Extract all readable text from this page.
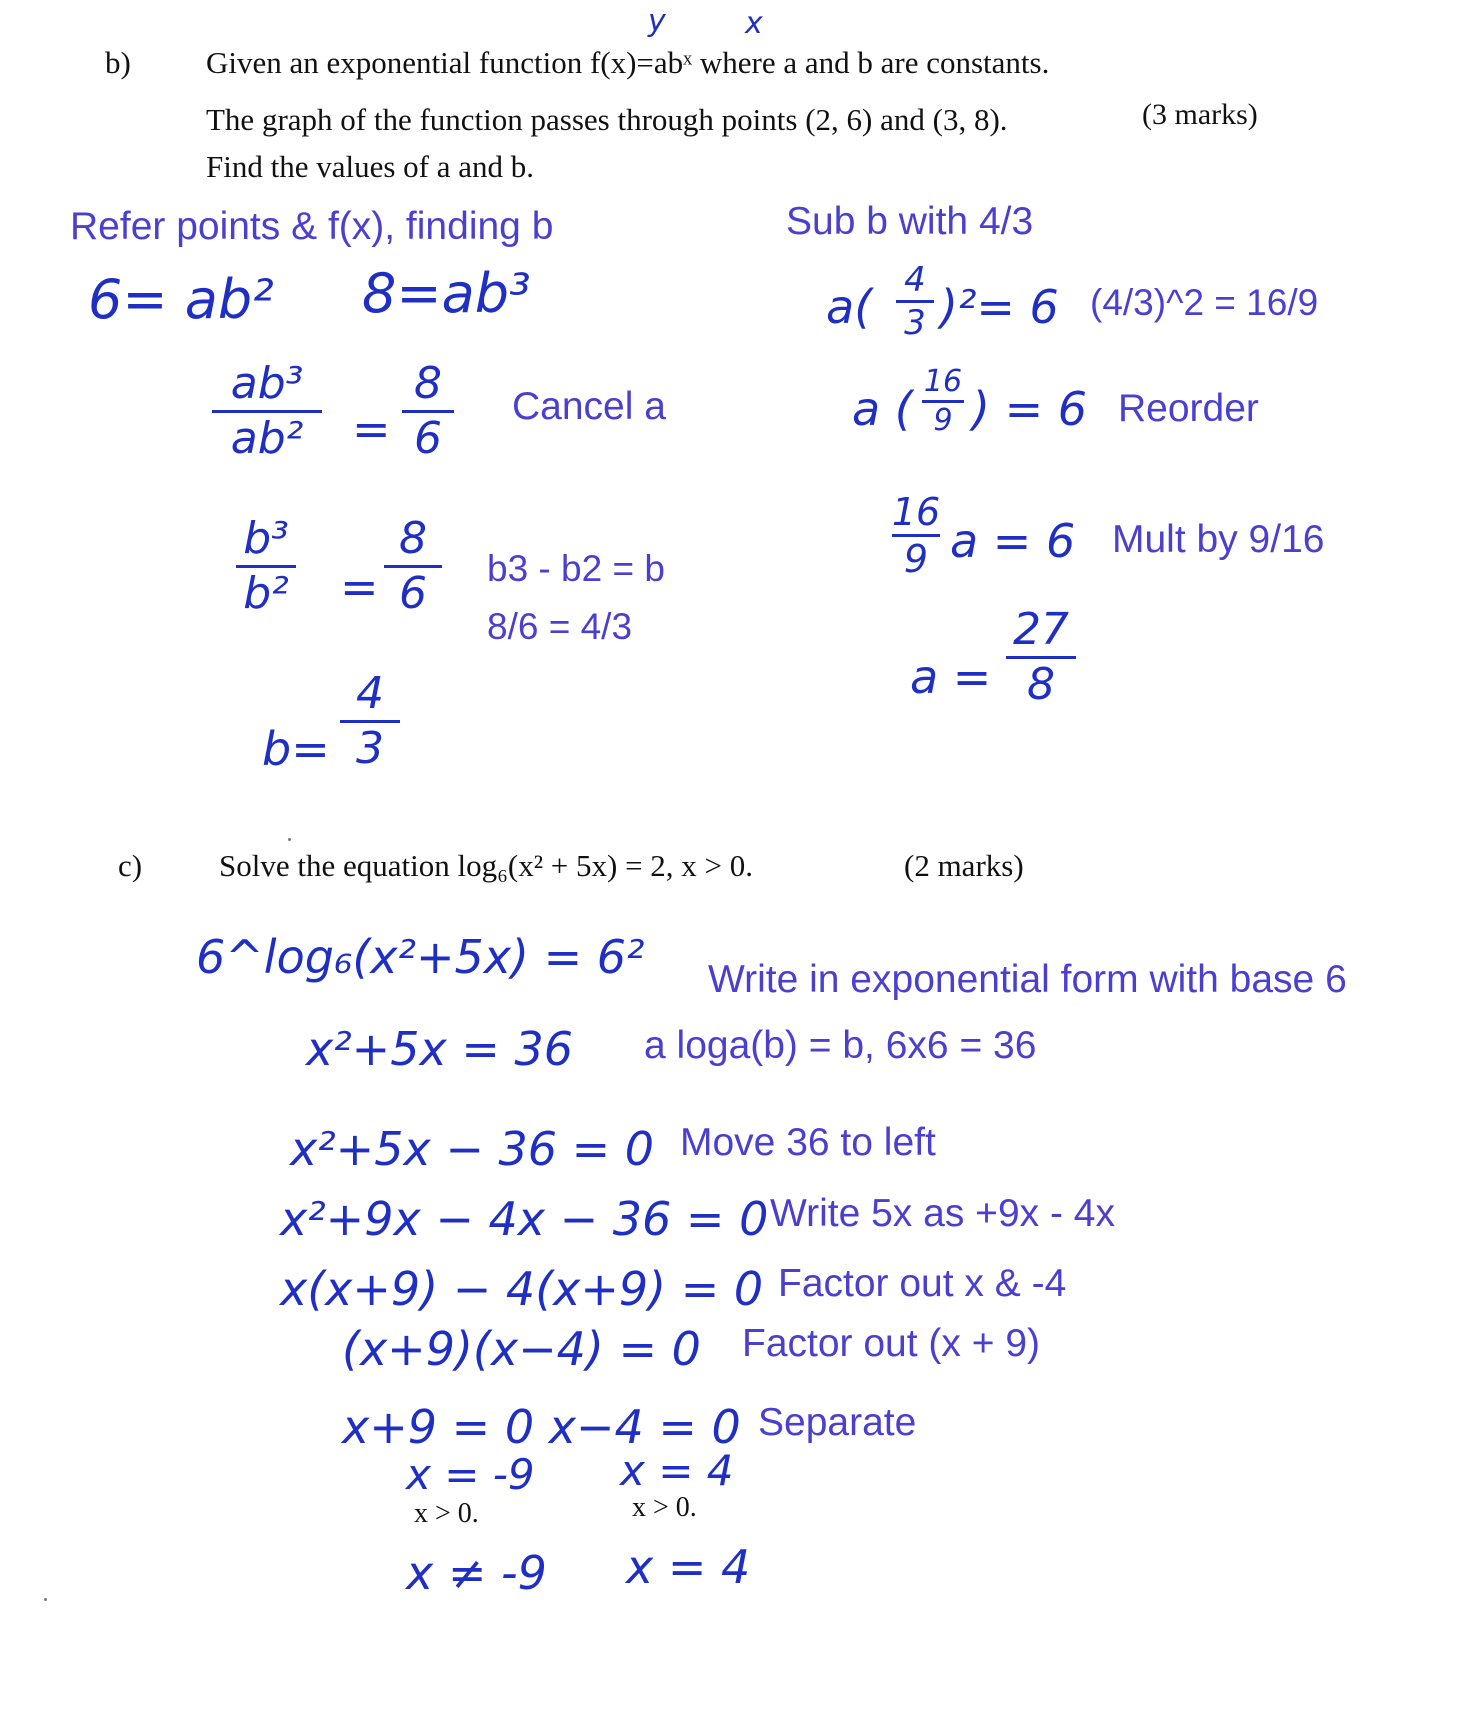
b)
y	x
Given an exponential function f(x)=abˣ where a and b are constants.
The graph of the function passes through points (2, 6) and (3, 8).	(3 marks)
Find the values of a and b.
Refer points & f(x), finding b
6= ab² 8=ab³
ab³
ab² =
8
6
Cancel a
b³
b² =
8
6 b3 - b2 = b
8/6 = 4/3
b=
4
3
Sub b with 4/3
a( 4
3 )²= 6 (4/3)^2 = 16/9
a (
16
9 ) = 6 Reorder
16
9 a = 6 Mult by 9/16
a =
27
8
c) Solve the equation log₆(x² + 5x) = 2, x > 0.	(2 marks)
6^log₆(x²+5x) = 6² Write in exponential form with base 6
x²+5x = 36 a loga(b) = b, 6x6 = 36
x²+5x − 36 = 0 Move 36 to left
x²+9x − 4x − 36 = 0 Write 5x as +9x - 4x
x(x+9) − 4(x+9) = 0 Factor out x & -4
(x+9)(x−4) = 0 Factor out (x + 9)
x+9 = 0 x−4 = 0 Separate
x = -9 x = 4
x > 0.	x > 0.
x ≠ -9 x = 4
